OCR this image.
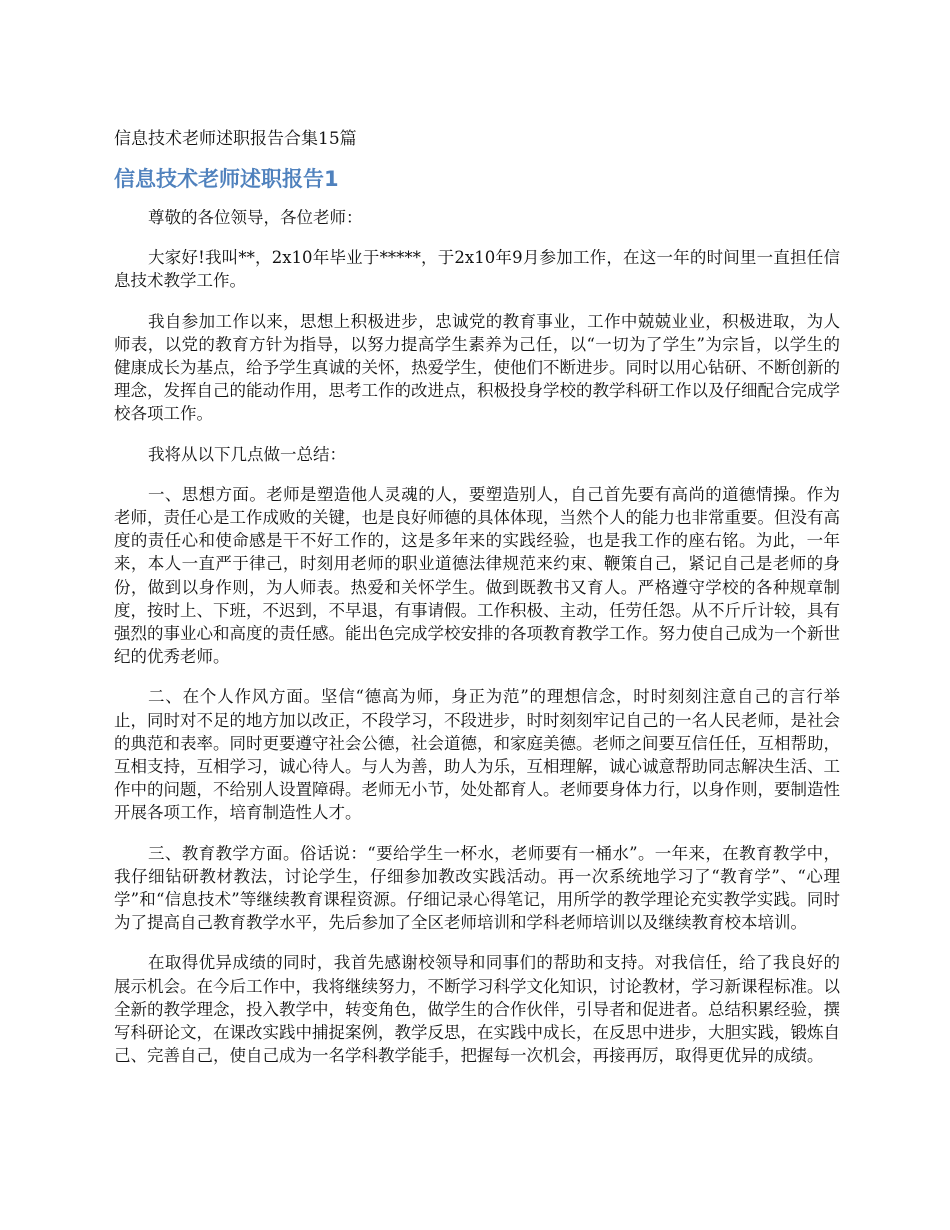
信息技术老师述职报告合集15篇
信息技术老师述职报告1

尊敬的各位领导，各位老师：

大家好!我叫**，2x10年毕业于*****，于2x10年9月参加工作，在这一年的时间里一直担任信息技术教学工作。

我自参加工作以来，思想上积极进步，忠诚党的教育事业，工作中兢兢业业，积极进取，为人师表，以党的教育方针为指导，以努力提高学生素养为己任，以“一切为了学生”为宗旨，以学生的健康成长为基点，给予学生真诚的关怀，热爱学生，使他们不断进步。同时以用心钻研、不断创新的理念，发挥自己的能动作用，思考工作的改进点，积极投身学校的教学科研工作以及仔细配合完成学校各项工作。

我将从以下几点做一总结：

一、思想方面。老师是塑造他人灵魂的人，要塑造别人，自己首先要有高尚的道德情操。作为老师，责任心是工作成败的关键，也是良好师德的具体体现，当然个人的能力也非常重要。但没有高度的责任心和使命感是干不好工作的，这是多年来的实践经验，也是我工作的座右铭。为此，一年来，本人一直严于律己，时刻用老师的职业道德法律规范来约束、鞭策自己，紧记自己是老师的身份，做到以身作则，为人师表。热爱和关怀学生。做到既教书又育人。严格遵守学校的各种规章制度，按时上、下班，不迟到，不早退，有事请假。工作积极、主动，任劳任怨。从不斤斤计较，具有强烈的事业心和高度的责任感。能出色完成学校安排的各项教育教学工作。努力使自己成为一个新世纪的优秀老师。

二、在个人作风方面。坚信“德高为师，身正为范”的理想信念，时时刻刻注意自己的言行举止，同时对不足的地方加以改正，不段学习，不段进步，时时刻刻牢记自己的一名人民老师，是社会的典范和表率。同时更要遵守社会公德，社会道德，和家庭美德。老师之间要互信任任，互相帮助，互相支持，互相学习，诚心待人。与人为善，助人为乐，互相理解，诚心诚意帮助同志解决生活、工作中的问题，不给别人设置障碍。老师无小节，处处都育人。老师要身体力行，以身作则，要制造性开展各项工作，培育制造性人才。

三、教育教学方面。俗话说：“要给学生一杯水，老师要有一桶水”。一年来，在教育教学中，我仔细钻研教材教法，讨论学生，仔细参加教改实践活动。再一次系统地学习了“教育学”、“心理学”和“信息技术”等继续教育课程资源。仔细记录心得笔记，用所学的教学理论充实教学实践。同时为了提高自己教育教学水平，先后参加了全区老师培训和学科老师培训以及继续教育校本培训。

在取得优异成绩的同时，我首先感谢校领导和同事们的帮助和支持。对我信任，给了我良好的展示机会。在今后工作中，我将继续努力，不断学习科学文化知识，讨论教材，学习新课程标准。以全新的教学理念，投入教学中，转变角色，做学生的合作伙伴，引导者和促进者。总结积累经验，撰写科研论文，在课改实践中捕捉案例，教学反思，在实践中成长，在反思中进步，大胆实践，锻炼自己、完善自己，使自己成为一名学科教学能手，把握每一次机会，再接再厉，取得更优异的成绩。
